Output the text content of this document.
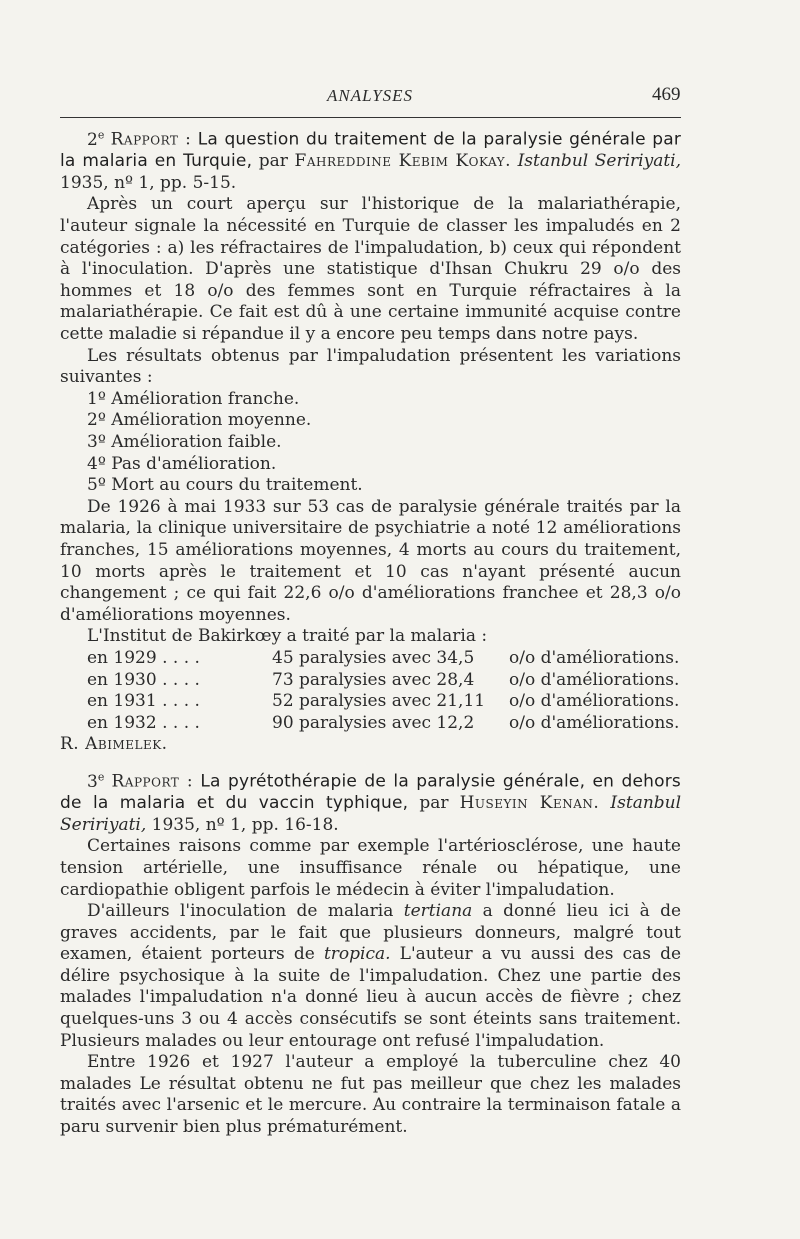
ANALYSES	469

2e Rapport : La question du traitement de la paralysie générale par la malaria en Turquie, par Fahreddine Kebim Kokay. Istanbul Seririyati, 1935, nº 1, pp. 5-15.

Après un court aperçu sur l'historique de la malariathérapie, l'auteur signale la nécessité en Turquie de classer les impaludés en 2 catégories : a) les réfractaires de l'impaludation, b) ceux qui répondent à l'inoculation. D'après une statistique d'Ihsan Chukru 29 o/o des hommes et 18 o/o des femmes sont en Turquie réfractaires à la malariathérapie. Ce fait est dû à une certaine immunité acquise contre cette maladie si répandue il y a encore peu temps dans notre pays.

Les résultats obtenus par l'impaludation présentent les variations suivantes :

1º Amélioration franche.

2º Amélioration moyenne.

3º Amélioration faible.

4º Pas d'amélioration.

5º Mort au cours du traitement.

De 1926 à mai 1933 sur 53 cas de paralysie générale traités par la malaria, la clinique universitaire de psychiatrie a noté 12 améliorations franches, 15 améliorations moyennes, 4 morts au cours du traitement, 10 morts après le traitement et 10 cas n'ayant présenté aucun changement ; ce qui fait 22,6 o/o d'améliorations franchee et 28,3 o/o d'améliorations moyennes.

L'Institut de Bakirkœy a traité par la malaria :

en 1929 . . . .	45 paralysies avec 34,5	o/o d'améliorations.
en 1930 . . . .	73 paralysies avec 28,4	o/o d'améliorations.
en 1931 . . . .	52 paralysies avec 21,11	o/o d'améliorations.
en 1932 . . . .	90 paralysies avec 12,2	o/o d'améliorations.

R. Abimelek.

3e Rapport : La pyrétothérapie de la paralysie générale, en dehors de la malaria et du vaccin typhique, par Huseyin Kenan. Istanbul Seririyati, 1935, nº 1, pp. 16-18.

Certaines raisons comme par exemple l'artériosclérose, une haute tension artérielle, une insuffisance rénale ou hépatique, une cardiopathie obligent parfois le médecin à éviter l'impaludation.

D'ailleurs l'inoculation de malaria tertiana a donné lieu ici à de graves accidents, par le fait que plusieurs donneurs, malgré tout examen, étaient porteurs de tropica. L'auteur a vu aussi des cas de délire psychosique à la suite de l'impaludation. Chez une partie des malades l'impaludation n'a donné lieu à aucun accès de fièvre ; chez quelques-uns 3 ou 4 accès consécutifs se sont éteints sans traitement. Plusieurs malades ou leur entourage ont refusé l'impaludation.

Entre 1926 et 1927 l'auteur a employé la tuberculine chez 40 malades Le résultat obtenu ne fut pas meilleur que chez les malades traités avec l'arsenic et le mercure. Au contraire la terminaison fatale a paru survenir bien plus prématurément.
